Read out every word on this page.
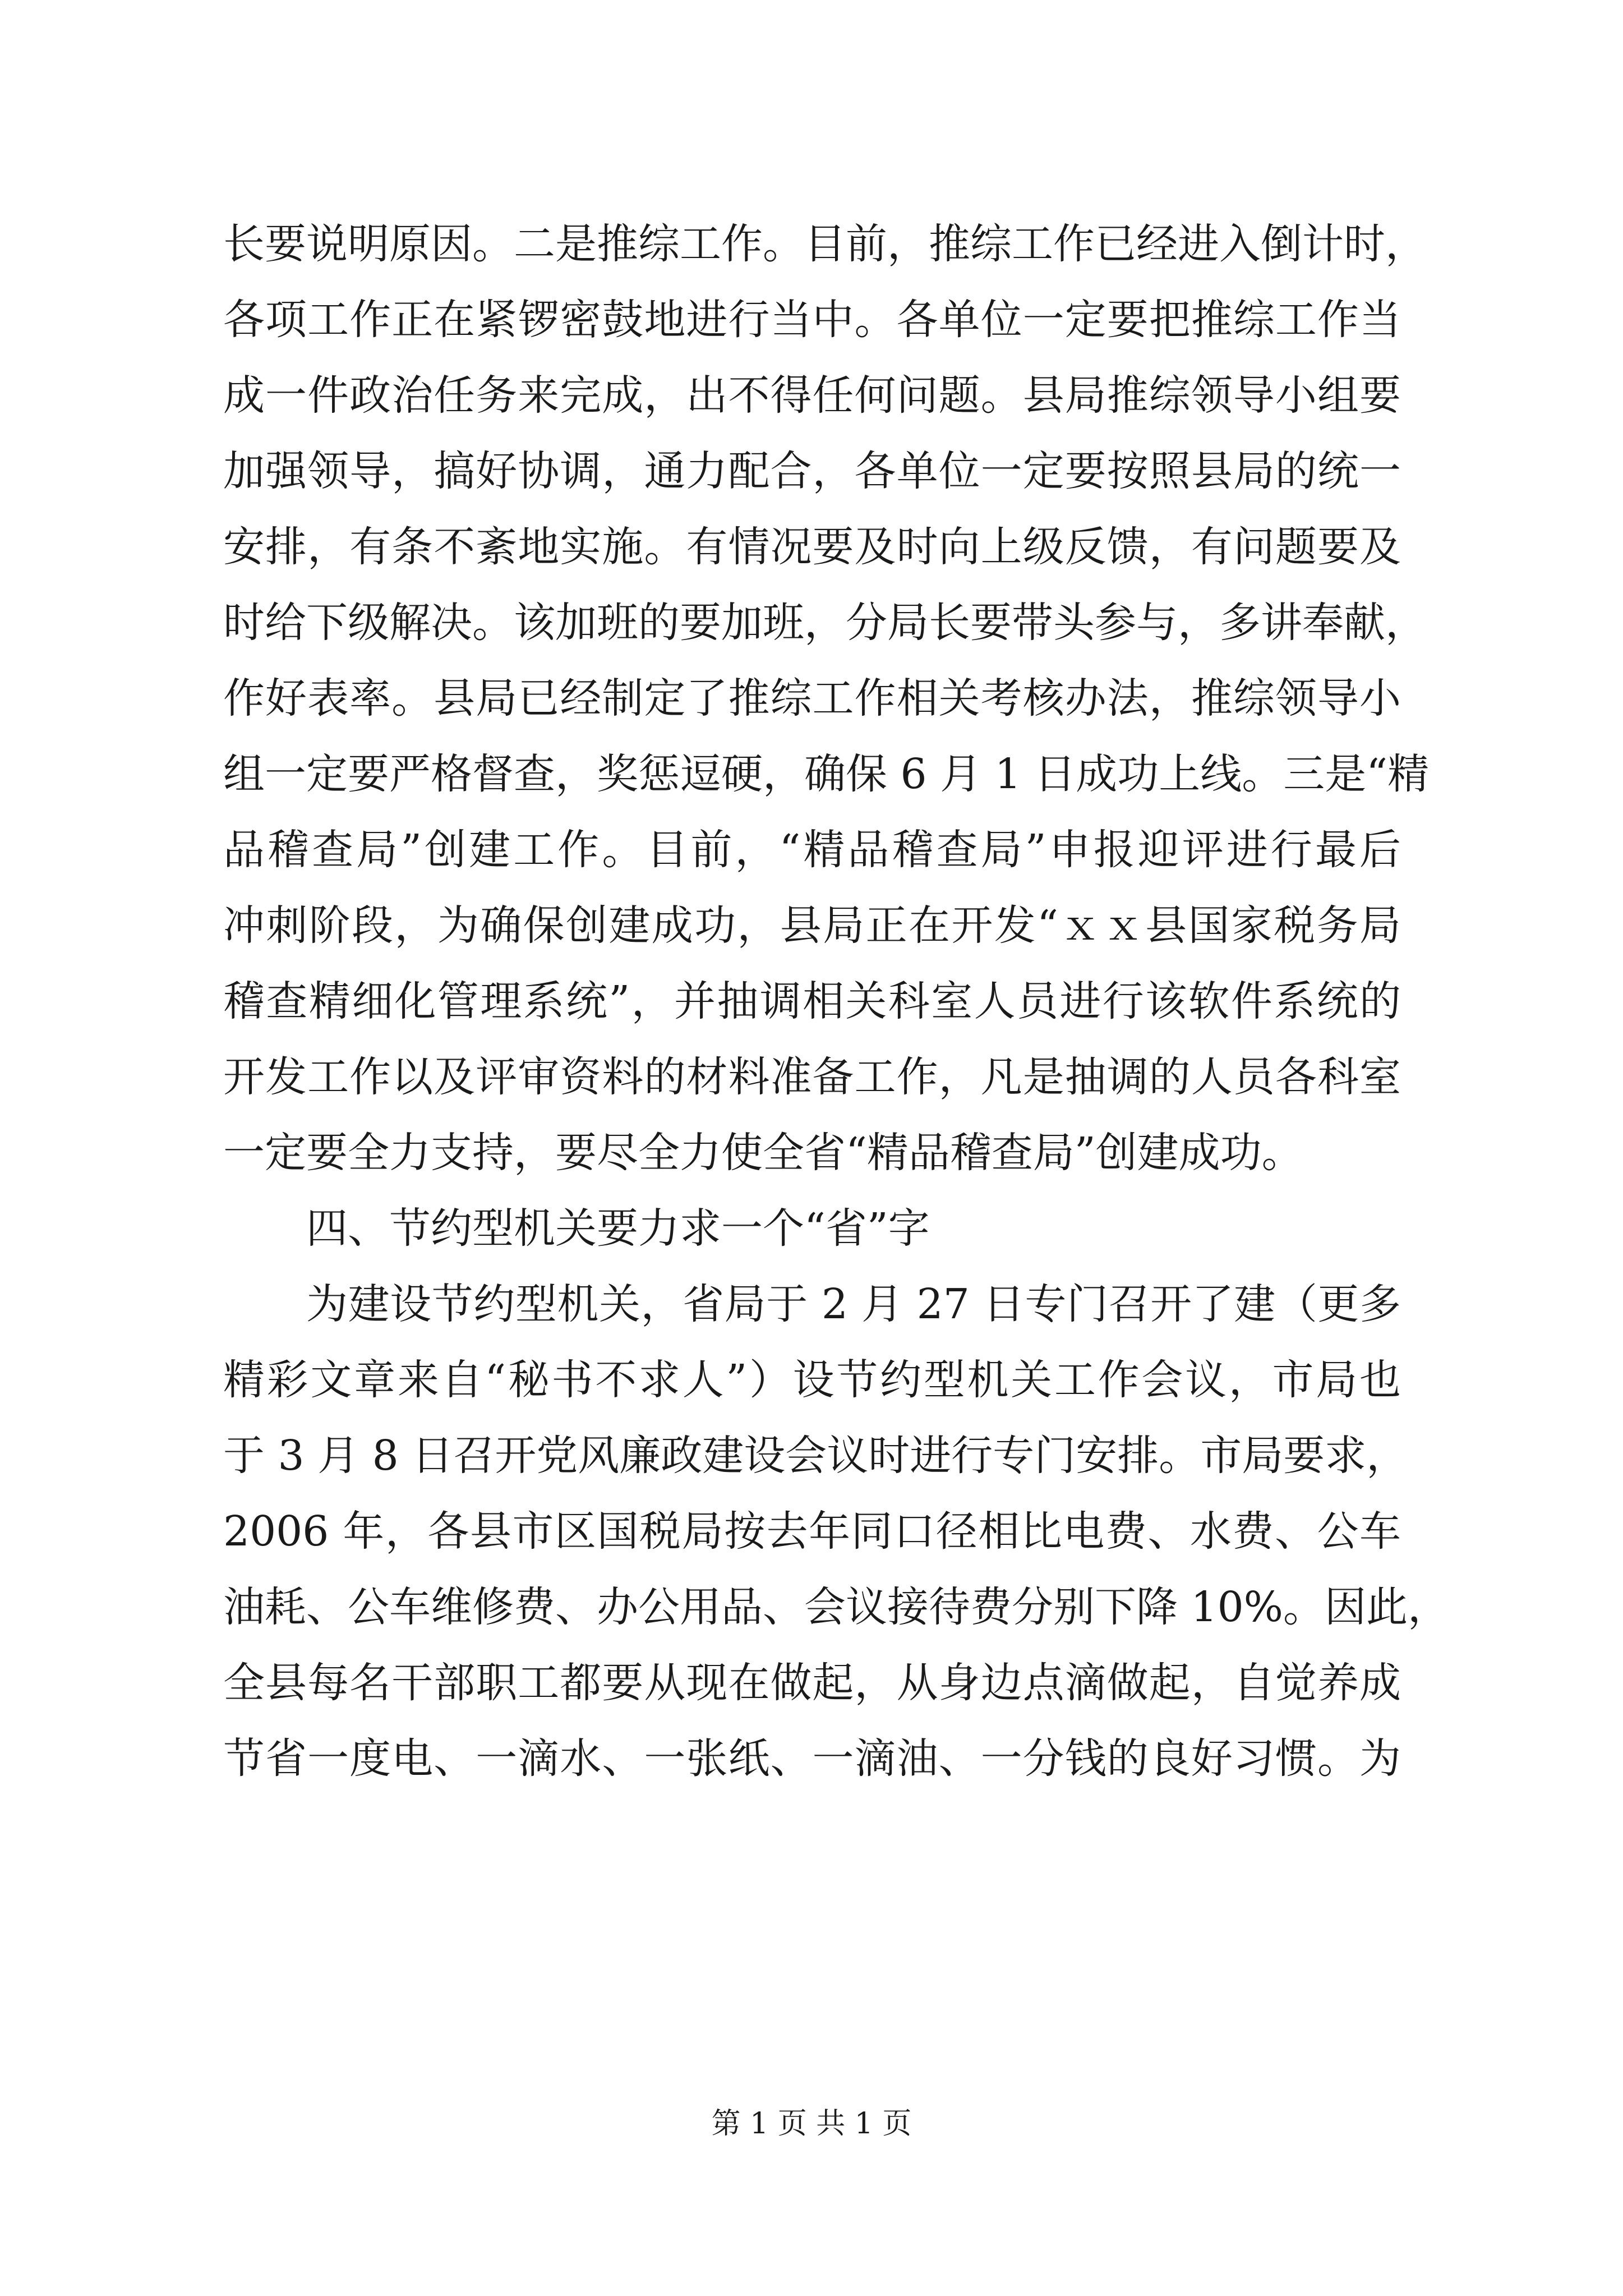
长要说明原因。二是推综工作。目前，推综工作已经进入倒计时，
各项工作正在紧锣密鼓地进行当中。各单位一定要把推综工作当
成一件政治任务来完成，出不得任何问题。县局推综领导小组要
加强领导，搞好协调，通力配合，各单位一定要按照县局的统一
安排，有条不紊地实施。有情况要及时向上级反馈，有问题要及
时给下级解决。该加班的要加班，分局长要带头参与，多讲奉献，
作好表率。县局已经制定了推综工作相关考核办法，推综领导小
组一定要严格督查，奖惩逗硬，确保 6 月 1 日成功上线。三是“精
品稽查局”创建工作。目前，“精品稽查局”申报迎评进行最后
冲刺阶段，为确保创建成功，县局正在开发“ｘｘ县国家税务局
稽查精细化管理系统”，并抽调相关科室人员进行该软件系统的
开发工作以及评审资料的材料准备工作，凡是抽调的人员各科室
一定要全力支持，要尽全力使全省“精品稽查局”创建成功。
四、节约型机关要力求一个“省”字
为建设节约型机关，省局于 2 月 27 日专门召开了建（更多
精彩文章来自“秘书不求人”）设节约型机关工作会议，市局也
于 3 月 8 日召开党风廉政建设会议时进行专门安排。市局要求，
2006 年，各县市区国税局按去年同口径相比电费、水费、公车
油耗、公车维修费、办公用品、会议接待费分别下降 10%。因此，
全县每名干部职工都要从现在做起，从身边点滴做起，自觉养成
节省一度电、一滴水、一张纸、一滴油、一分钱的良好习惯。为
第 1 页 共 1 页
